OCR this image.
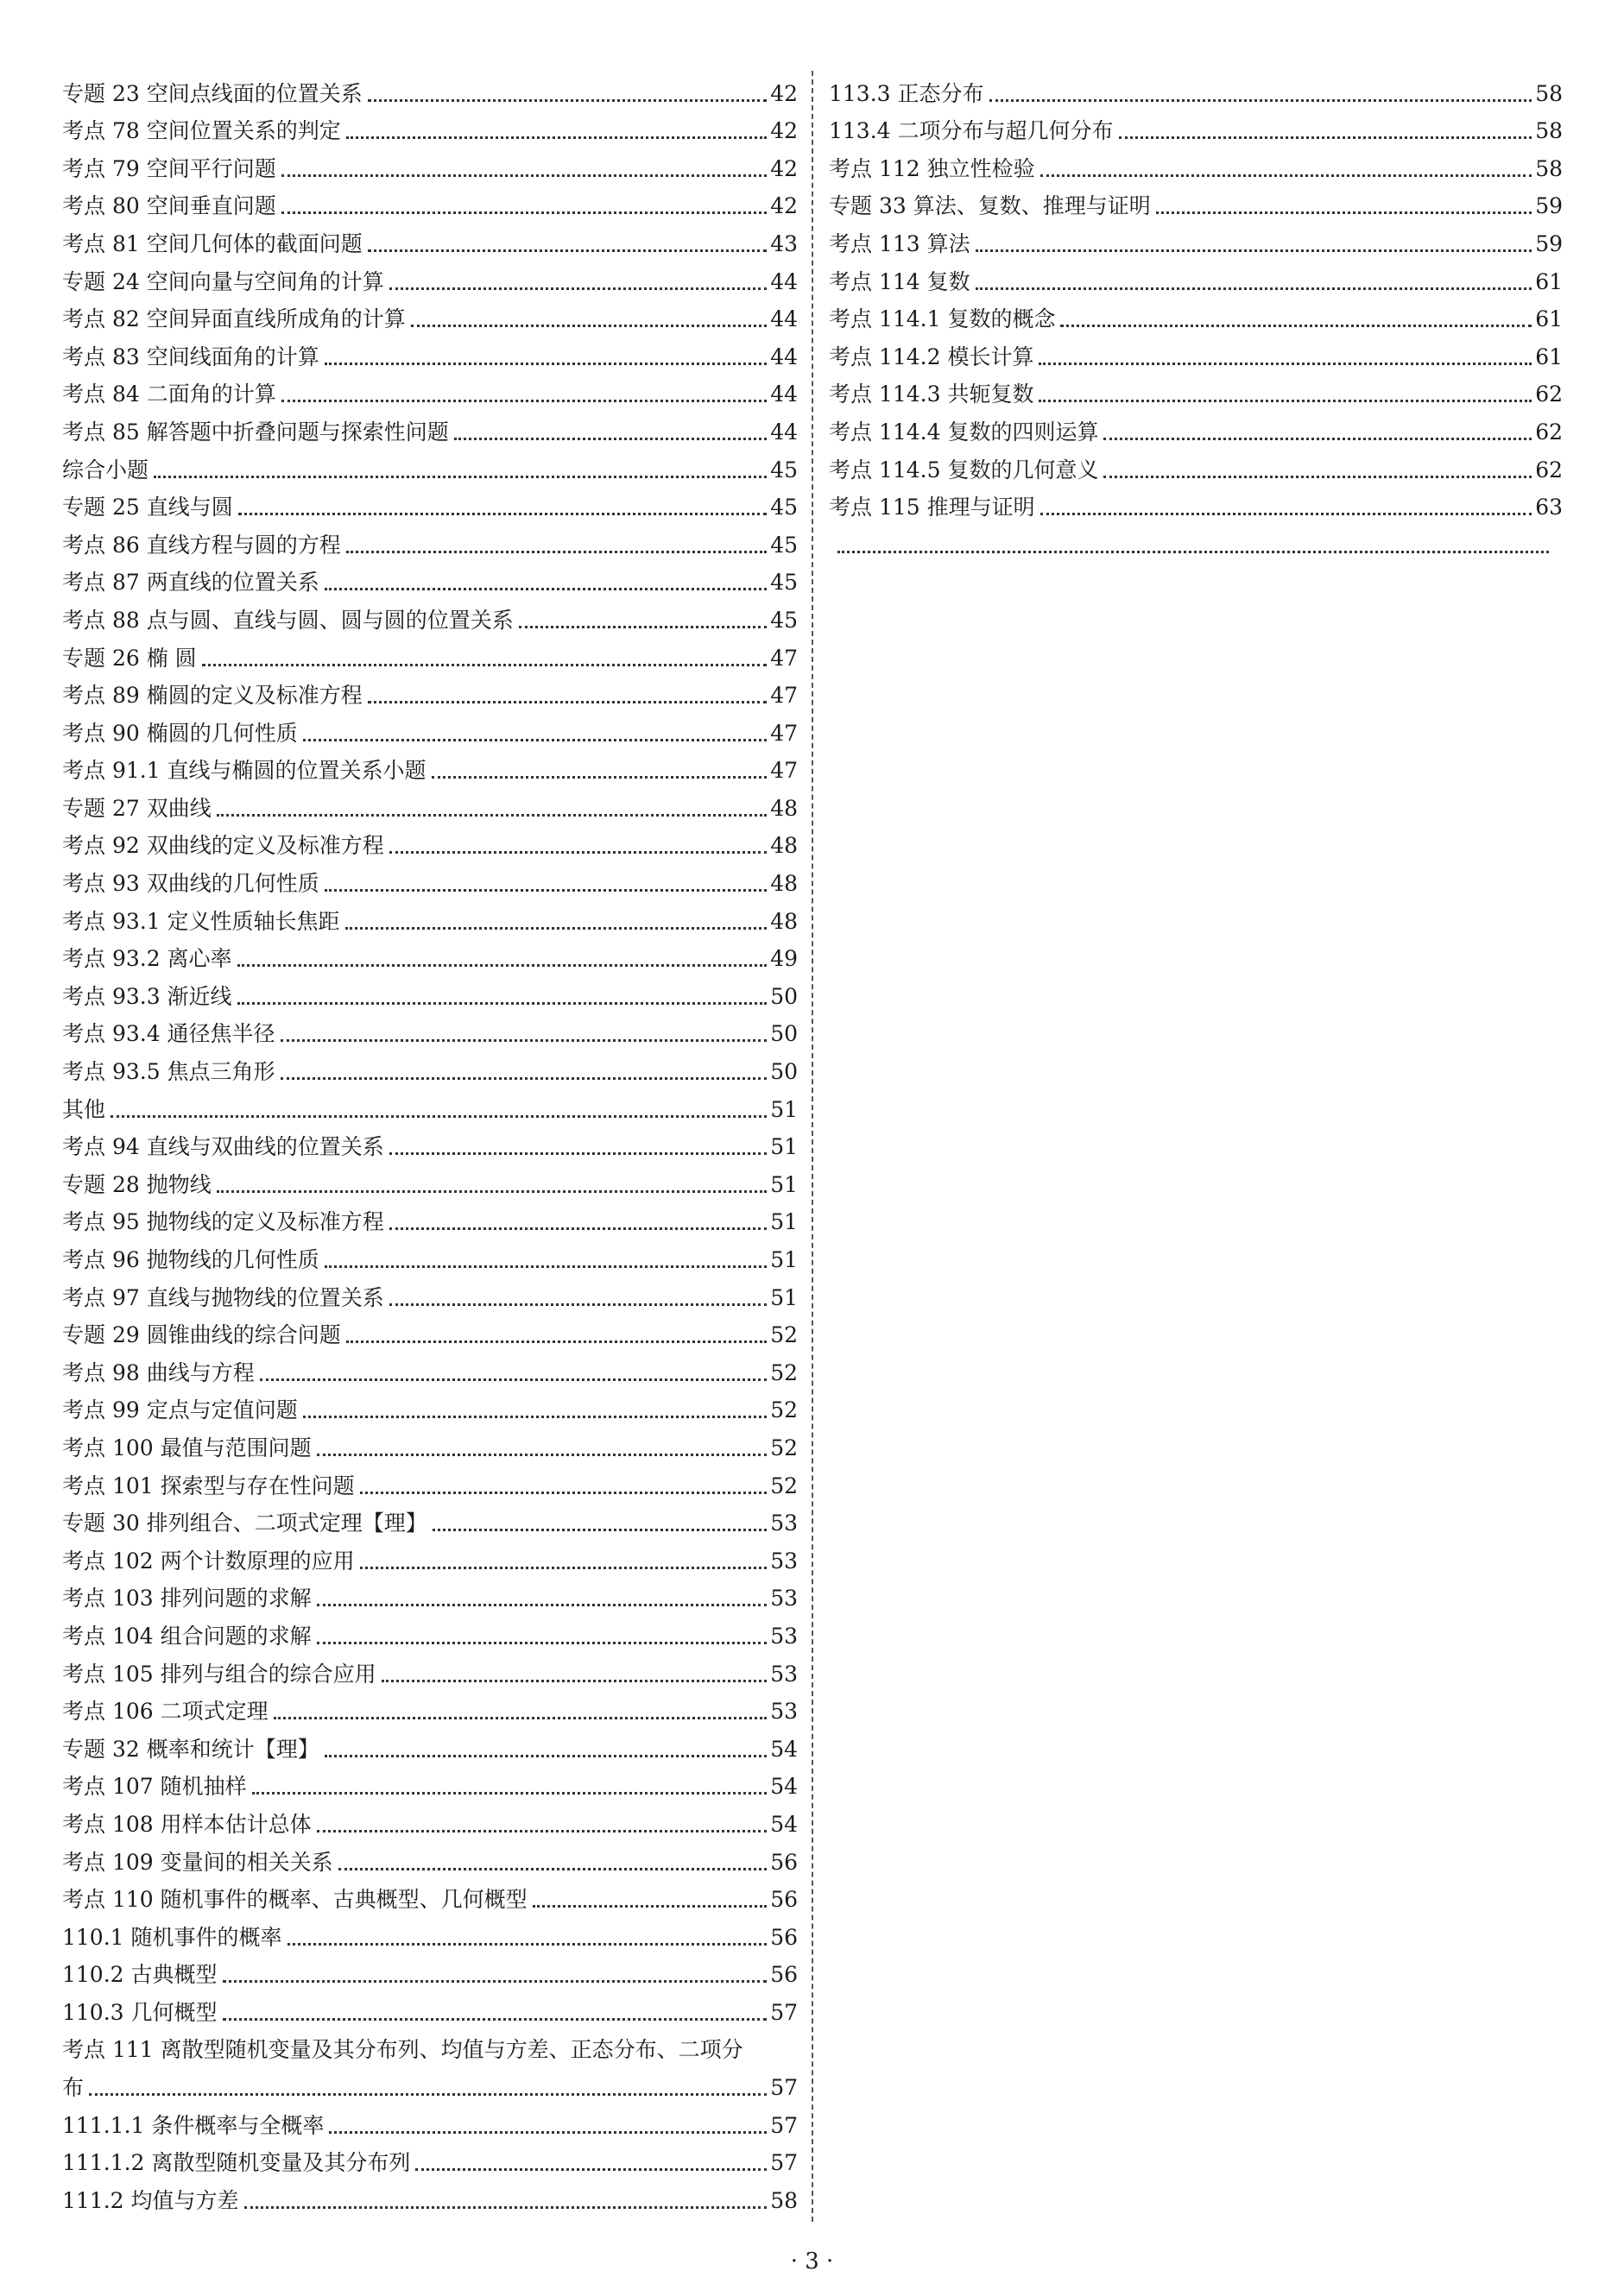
专题 23 空间点线面的位置关系	42
考点 78 空间位置关系的判定	42
考点 79 空间平行问题	42
考点 80 空间垂直问题	42
考点 81 空间几何体的截面问题	43
专题 24 空间向量与空间角的计算	44
考点 82 空间异面直线所成角的计算	44
考点 83 空间线面角的计算	44
考点 84 二面角的计算	44
考点 85 解答题中折叠问题与探索性问题	44
综合小题	45
专题 25 直线与圆	45
考点 86 直线方程与圆的方程	45
考点 87 两直线的位置关系	45
考点 88 点与圆、直线与圆、圆与圆的位置关系	45
专题 26 椭 圆	47
考点 89 椭圆的定义及标准方程	47
考点 90 椭圆的几何性质	47
考点 91.1 直线与椭圆的位置关系小题	47
专题 27 双曲线	48
考点 92 双曲线的定义及标准方程	48
考点 93 双曲线的几何性质	48
考点 93.1 定义性质轴长焦距	48
考点 93.2 离心率	49
考点 93.3 渐近线	50
考点 93.4 通径焦半径	50
考点 93.5 焦点三角形	50
其他	51
考点 94 直线与双曲线的位置关系	51
专题 28 抛物线	51
考点 95 抛物线的定义及标准方程	51
考点 96 抛物线的几何性质	51
考点 97 直线与抛物线的位置关系	51
专题 29 圆锥曲线的综合问题	52
考点 98 曲线与方程	52
考点 99 定点与定值问题	52
考点 100 最值与范围问题	52
考点 101 探索型与存在性问题	52
专题 30 排列组合、二项式定理【理】	53
考点 102 两个计数原理的应用	53
考点 103 排列问题的求解	53
考点 104 组合问题的求解	53
考点 105 排列与组合的综合应用	53
考点 106 二项式定理	53
专题 32 概率和统计【理】	54
考点 107 随机抽样	54
考点 108 用样本估计总体	54
考点 109 变量间的相关关系	56
考点 110 随机事件的概率、古典概型、几何概型	56
110.1 随机事件的概率	56
110.2 古典概型	56
110.3 几何概型	57
考点 111 离散型随机变量及其分布列、均值与方差、正态分布、二项分
布	57
111.1.1 条件概率与全概率	57
111.1.2 离散型随机变量及其分布列	57
111.2 均值与方差	58
113.3 正态分布	58
113.4 二项分布与超几何分布	58
考点 112 独立性检验	58
专题 33 算法、复数、推理与证明	59
考点 113 算法	59
考点 114 复数	61
考点 114.1 复数的概念	61
考点 114.2 模长计算	61
考点 114.3 共轭复数	62
考点 114.4 复数的四则运算	62
考点 114.5 复数的几何意义	62
考点 115 推理与证明	63
· 3 ·
